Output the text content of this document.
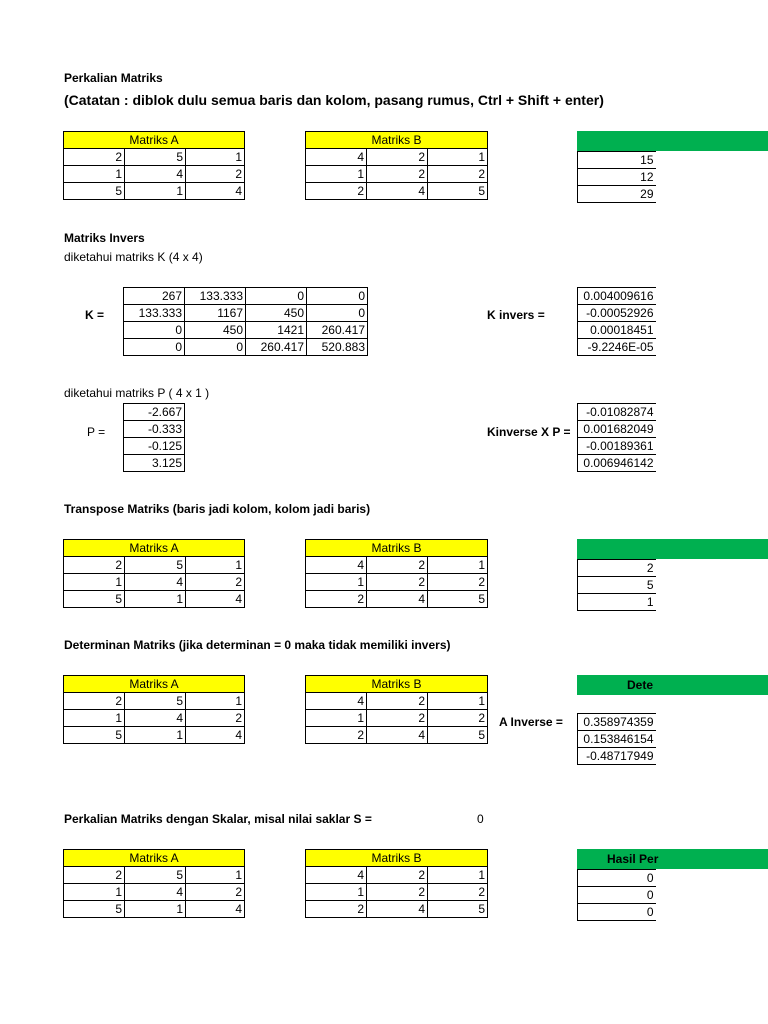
Perkalian Matriks
(Catatan : diblok dulu semua baris dan kolom, pasang rumus, Ctrl + Shift + enter)
Matriks A		
2	5	1
1	4	2
5	1	4
Matriks B		
4	2	1
1	2	2
2	4	5
15
12
29
Matriks Invers
diketahui matriks K (4 x 4)
K =
267	133.333	0	0
133.333	1167	450	0
0	450	1421	260.417
0	0	260.417	520.883
K invers =
0.004009616
-0.00052926
0.00018451
-9.2246E-05
diketahui matriks P ( 4 x 1 )
P =
-2.667
-0.333
-0.125
3.125
Kinverse X P =
-0.01082874
0.001682049
-0.00189361
0.006946142
Transpose Matriks (baris jadi kolom, kolom jadi baris)
Matriks A		
2	5	1
1	4	2
5	1	4
Matriks B		
4	2	1
1	2	2
2	4	5
2
5
1
Determinan Matriks (jika determinan = 0 maka tidak memiliki invers)
Matriks A		
2	5	1
1	4	2
5	1	4
Matriks B		
4	2	1
1	2	2
2	4	5
Dete
A Inverse = 0.358974359
0.153846154
-0.48717949
Perkalian Matriks dengan Skalar, misal nilai saklar S =	0
Matriks A		
2	5	1
1	4	2
5	1	4
Matriks B		
4	2	1
1	2	2
2	4	5
Hasil Per
0
0
0
